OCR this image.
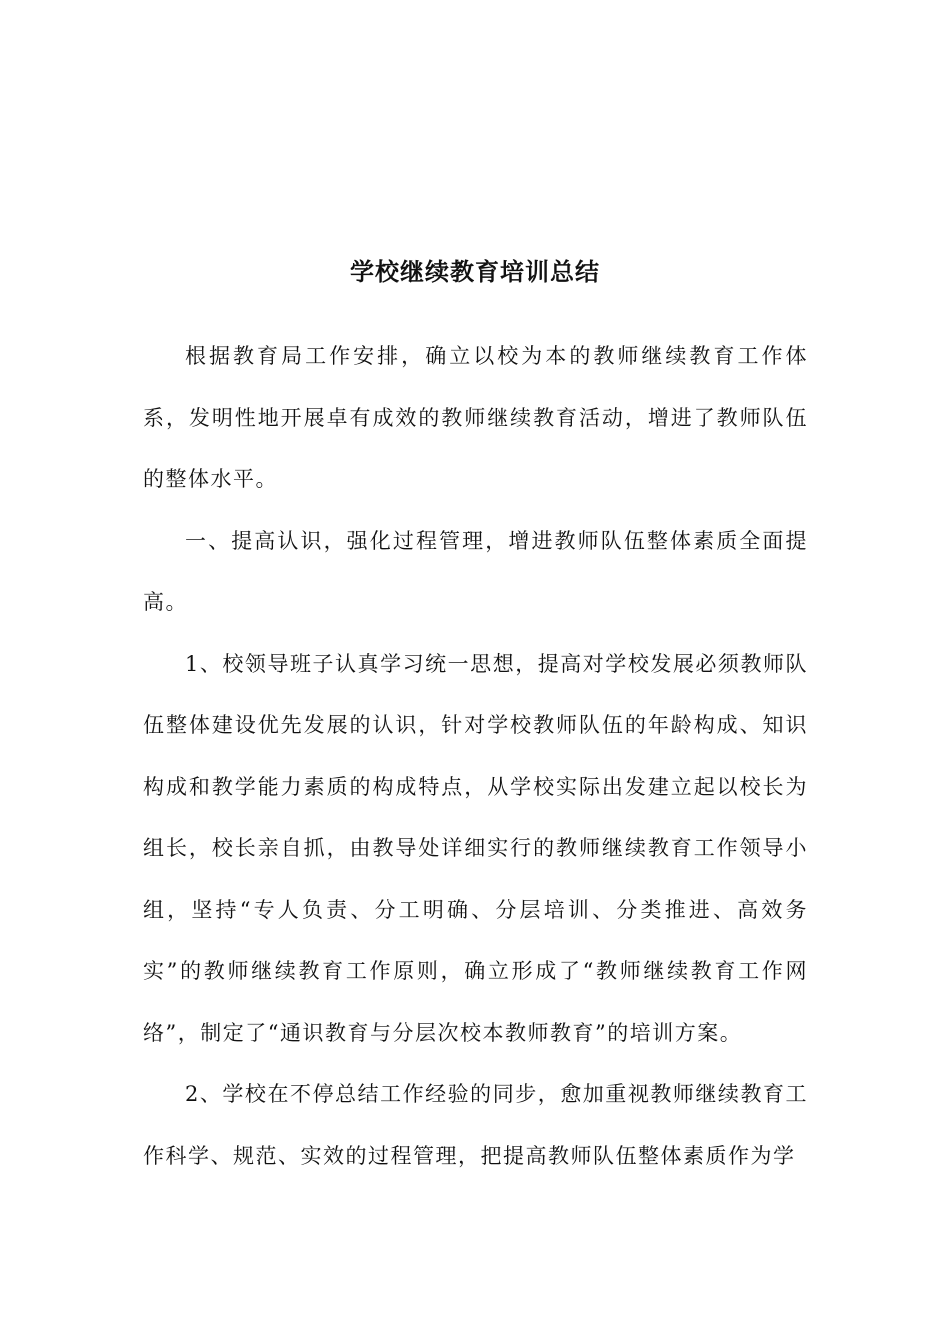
学校继续教育培训总结

根据教育局工作安排，确立以校为本的教师继续教育工作体系，发明性地开展卓有成效的教师继续教育活动，增进了教师队伍的整体水平。

一、提高认识，强化过程管理，增进教师队伍整体素质全面提高。

1、校领导班子认真学习统一思想，提高对学校发展必须教师队伍整体建设优先发展的认识，针对学校教师队伍的年龄构成、知识构成和教学能力素质的构成特点，从学校实际出发建立起以校长为组长，校长亲自抓，由教导处详细实行的教师继续教育工作领导小组，坚持“专人负责、分工明确、分层培训、分类推进、高效务实”的教师继续教育工作原则，确立形成了“教师继续教育工作网络”，制定了“通识教育与分层次校本教师教育”的培训方案。

2、学校在不停总结工作经验的同步，愈加重视教师继续教育工作科学、规范、实效的过程管理，把提高教师队伍整体素质作为学
